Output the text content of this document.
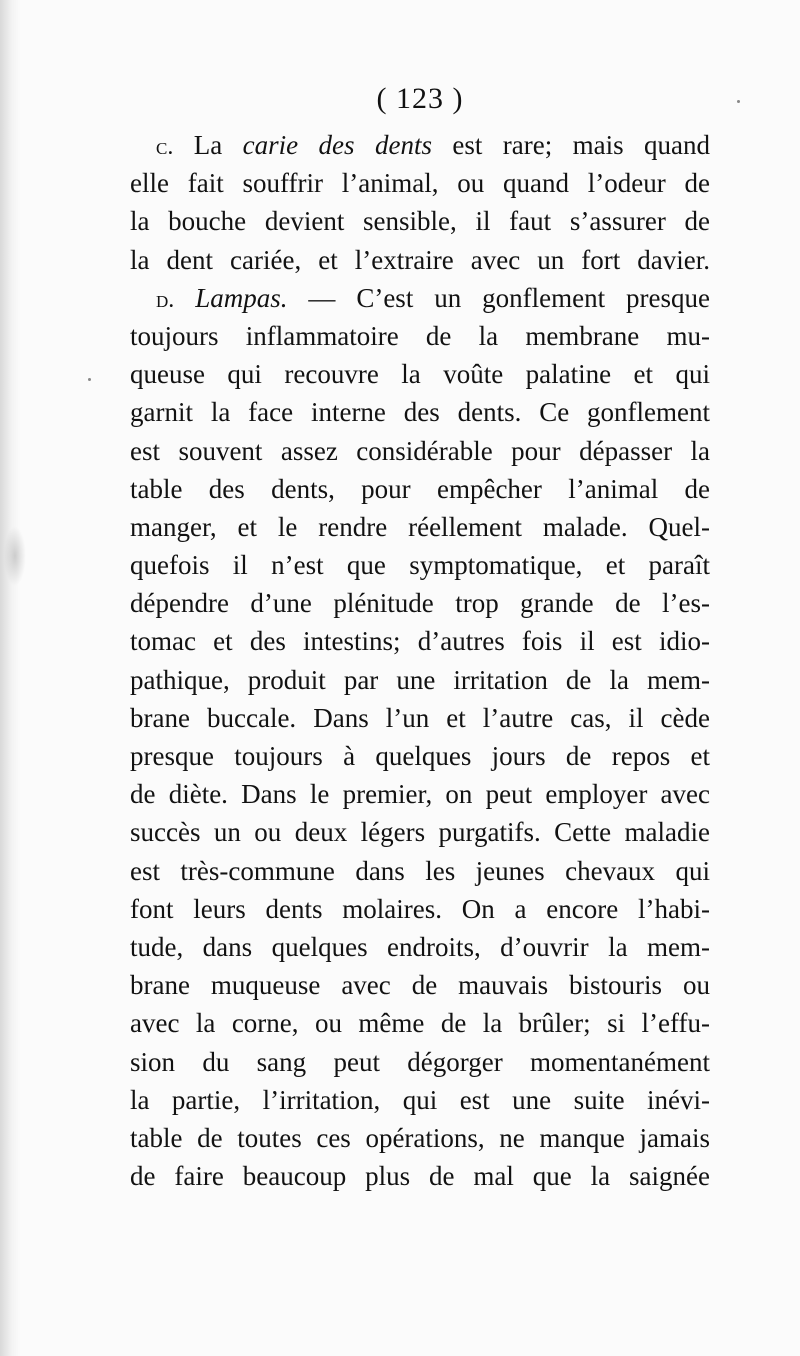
( 123 )
c. La carie des dents est rare; mais quand
elle fait souffrir l’animal, ou quand l’odeur de
la bouche devient sensible, il faut s’assurer de
la dent cariée, et l’extraire avec un fort davier.
d. Lampas. — C’est un gonflement presque
toujours inflammatoire de la membrane mu-
queuse qui recouvre la voûte palatine et qui
garnit la face interne des dents. Ce gonflement
est souvent assez considérable pour dépasser la
table des dents, pour empêcher l’animal de
manger, et le rendre réellement malade. Quel-
quefois il n’est que symptomatique, et paraît
dépendre d’une plénitude trop grande de l’es-
tomac et des intestins; d’autres fois il est idio-
pathique, produit par une irritation de la mem-
brane buccale. Dans l’un et l’autre cas, il cède
presque toujours à quelques jours de repos et
de diète. Dans le premier, on peut employer avec
succès un ou deux légers purgatifs. Cette maladie
est très-commune dans les jeunes chevaux qui
font leurs dents molaires. On a encore l’habi-
tude, dans quelques endroits, d’ouvrir la mem-
brane muqueuse avec de mauvais bistouris ou
avec la corne, ou même de la brûler; si l’effu-
sion du sang peut dégorger momentanément
la partie, l’irritation, qui est une suite inévi-
table de toutes ces opérations, ne manque jamais
de faire beaucoup plus de mal que la saignée
